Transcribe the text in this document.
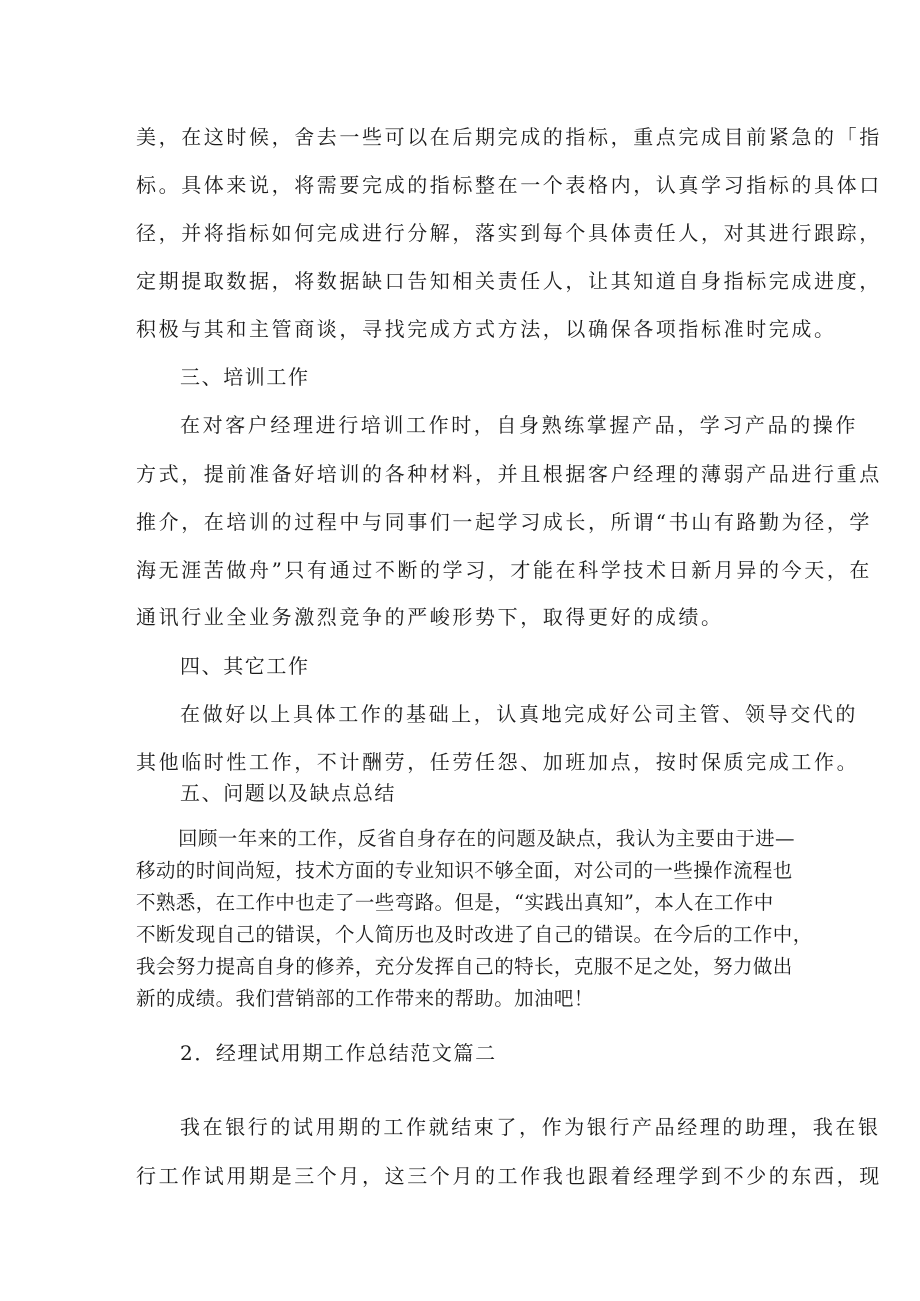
美，在这时候，舍去一些可以在后期完成的指标，重点完成目前紧急的「指
标。具体来说，将需要完成的指标整在一个表格内，认真学习指标的具体口
径，并将指标如何完成进行分解，落实到每个具体责任人，对其进行跟踪，
定期提取数据，将数据缺口告知相关责任人，让其知道自身指标完成进度，
积极与其和主管商谈，寻找完成方式方法，以确保各项指标准时完成。
三、培训工作
在对客户经理进行培训工作时，自身熟练掌握产品，学习产品的操作
方式，提前准备好培训的各种材料，并且根据客户经理的薄弱产品进行重点
推介，在培训的过程中与同事们一起学习成长，所谓“书山有路勤为径，学
海无涯苦做舟”只有通过不断的学习，才能在科学技术日新月异的今天，在
通讯行业全业务激烈竞争的严峻形势下，取得更好的成绩。
四、其它工作
在做好以上具体工作的基础上，认真地完成好公司主管、领导交代的
其他临时性工作，不计酬劳，任劳任怨、加班加点，按时保质完成工作。
五、问题以及缺点总结
回顾一年来的工作，反省自身存在的问题及缺点，我认为主要由于进—
移动的时间尚短，技术方面的专业知识不够全面，对公司的一些操作流程也
不熟悉，在工作中也走了一些弯路。但是，“实践出真知”，本人在工作中
不断发现自己的错误，个人简历也及时改进了自己的错误。在今后的工作中，
我会努力提高自身的修养，充分发挥自己的特长，克服不足之处，努力做出
新的成绩。我们营销部的工作带来的帮助。加油吧！
2．经理试用期工作总结范文篇二
我在银行的试用期的工作就结束了，作为银行产品经理的助理，我在银
行工作试用期是三个月，这三个月的工作我也跟着经理学到不少的东西，现
